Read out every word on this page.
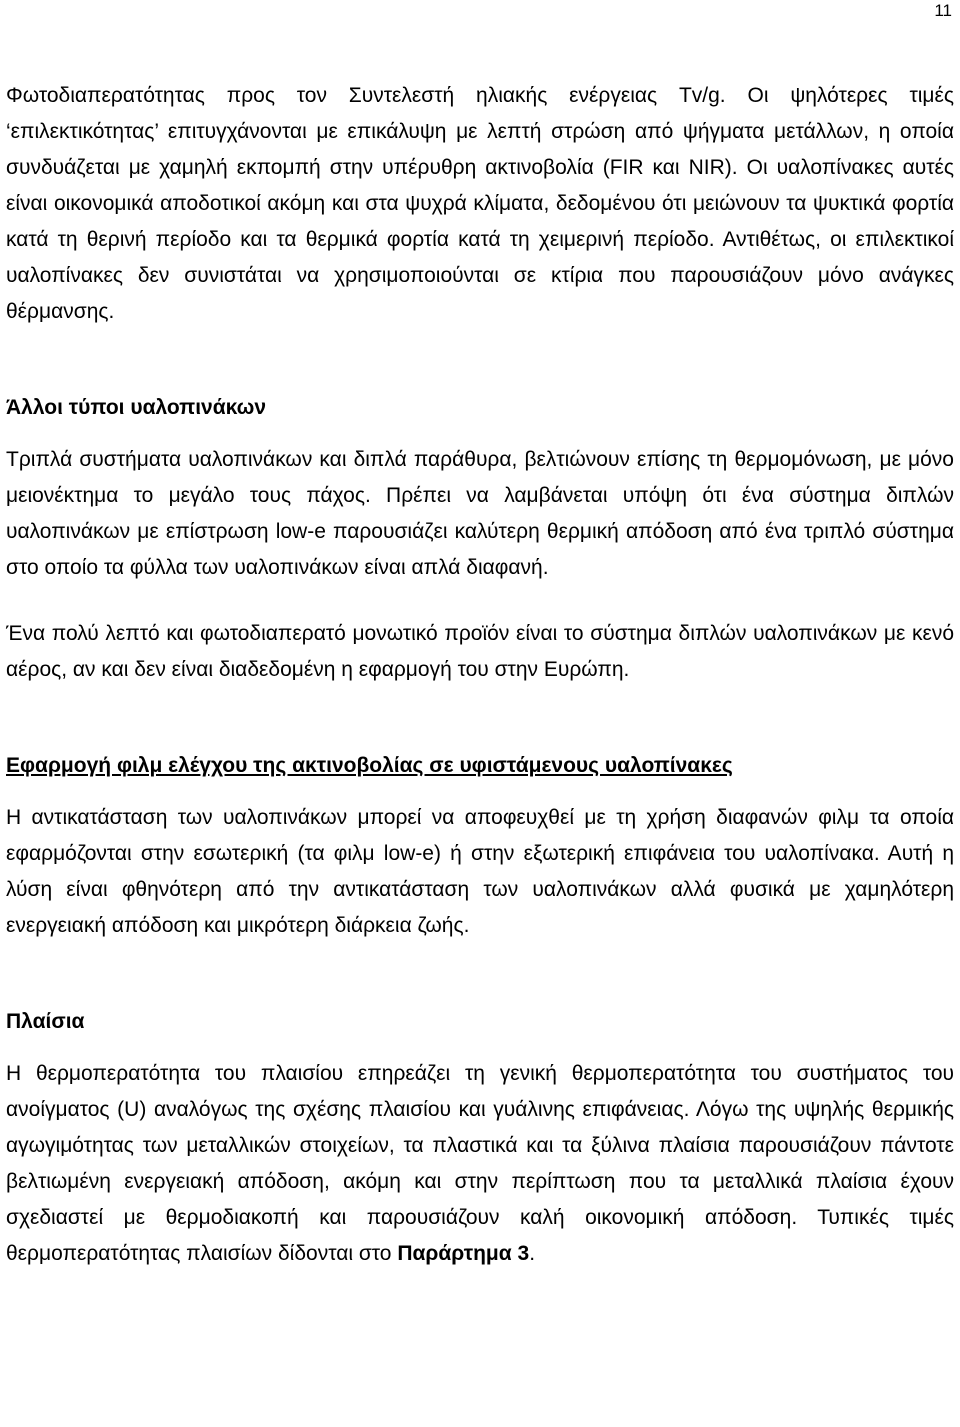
11

Φωτοδιαπερατότητας προς τον Συντελεστή ηλιακής ενέργειας Tv/g. Οι ψηλότερες τιμές ‘επιλεκτικότητας’ επιτυγχάνονται με επικάλυψη με λεπτή στρώση από ψήγματα μετάλλων, η οποία συνδυάζεται με χαμηλή εκπομπή στην υπέρυθρη ακτινοβολία (FIR και NIR). Οι υαλοπίνακες αυτές είναι οικονομικά αποδοτικοί ακόμη και στα ψυχρά κλίματα, δεδομένου ότι μειώνουν τα ψυκτικά φορτία κατά τη θερινή περίοδο και τα θερμικά φορτία κατά τη χειμερινή περίοδο. Αντιθέτως, οι επιλεκτικοί υαλοπίνακες δεν συνιστάται να χρησιμοποιούνται σε κτίρια που παρουσιάζουν μόνο ανάγκες θέρμανσης.

Άλλοι τύποι υαλοπινάκων

Τριπλά συστήματα υαλοπινάκων και διπλά παράθυρα, βελτιώνουν επίσης τη θερμομόνωση, με μόνο μειονέκτημα το μεγάλο τους πάχος. Πρέπει να λαμβάνεται υπόψη ότι ένα σύστημα διπλών υαλοπινάκων με επίστρωση low-e παρουσιάζει καλύτερη θερμική απόδοση από ένα τριπλό σύστημα στο οποίο τα φύλλα των υαλοπινάκων είναι απλά διαφανή.

Ένα πολύ λεπτό και φωτοδιαπερατό μονωτικό προϊόν είναι το σύστημα διπλών υαλοπινάκων με κενό αέρος, αν και δεν είναι διαδεδομένη η εφαρμογή του στην Ευρώπη.

Εφαρμογή φιλμ ελέγχου της ακτινοβολίας σε υφιστάμενους υαλοπίνακες

Η αντικατάσταση των υαλοπινάκων μπορεί να αποφευχθεί με τη χρήση διαφανών φιλμ τα οποία εφαρμόζονται στην εσωτερική (τα φιλμ low-e) ή στην εξωτερική επιφάνεια του υαλοπίνακα. Αυτή η λύση είναι φθηνότερη από την αντικατάσταση των υαλοπινάκων αλλά φυσικά με χαμηλότερη ενεργειακή απόδοση και μικρότερη διάρκεια ζωής.

Πλαίσια

Η θερμοπερατότητα του πλαισίου επηρεάζει τη γενική θερμοπερατότητα του συστήματος του ανοίγματος (U) αναλόγως της σχέσης πλαισίου και γυάλινης επιφάνειας. Λόγω της υψηλής θερμικής αγωγιμότητας των μεταλλικών στοιχείων, τα πλαστικά και τα ξύλινα πλαίσια παρουσιάζουν πάντοτε βελτιωμένη ενεργειακή απόδοση, ακόμη και στην περίπτωση που τα μεταλλικά πλαίσια έχουν σχεδιαστεί με θερμοδιακοπή και παρουσιάζουν καλή οικονομική απόδοση. Τυπικές τιμές θερμοπερατότητας πλαισίων δίδονται στο Παράρτημα 3.
